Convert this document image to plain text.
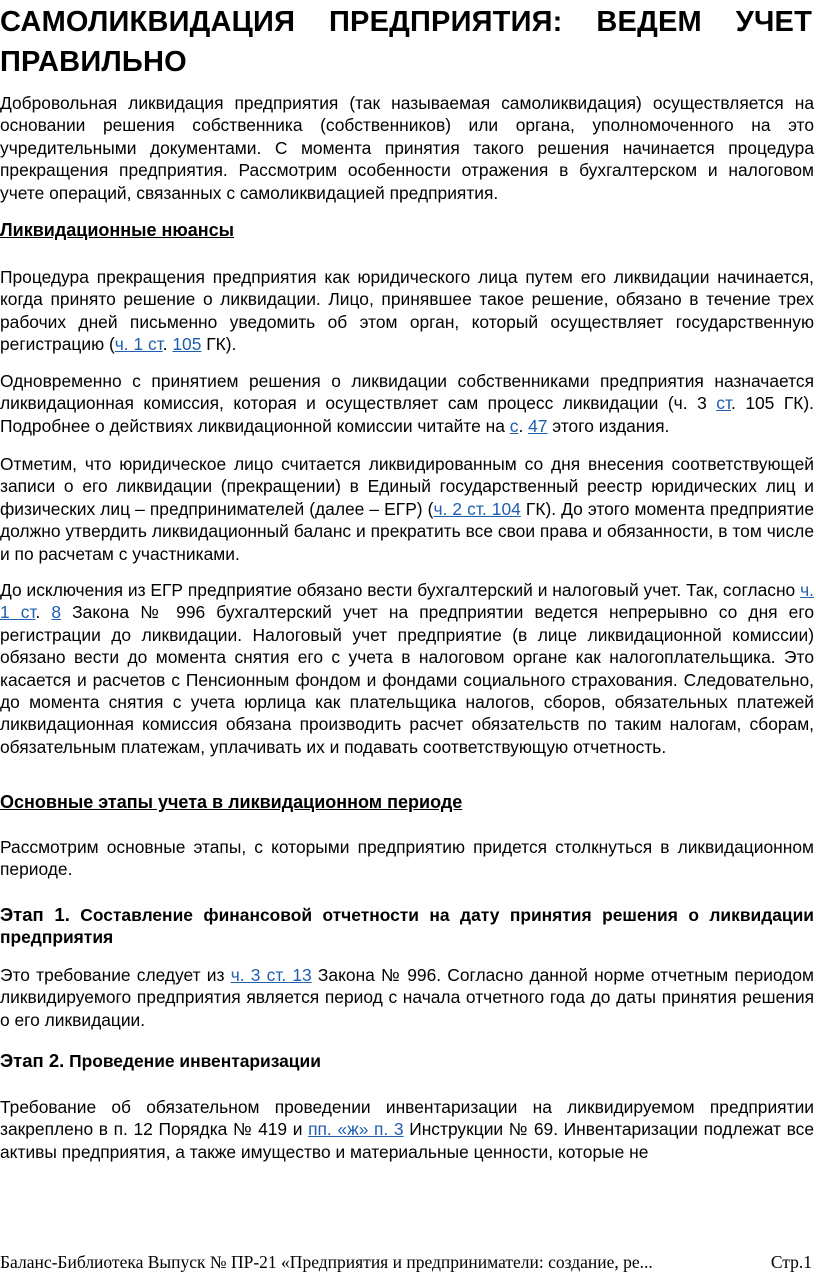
САМОЛИКВИДАЦИЯ ПРЕДПРИЯТИЯ: ВЕДЕМ УЧЕТ ПРАВИЛЬНО

Добровольная ликвидация предприятия (так называемая самоликвидация) осуществляется на основании решения собственника (собственников) или органа, уполномоченного на это учредительными документами. С момента принятия такого решения начинается процедура прекращения предприятия. Рассмотрим особенности отражения в бухгалтерском и налоговом учете операций, связанных с самоликвидацией предприятия.

Ликвидационные нюансы

Процедура прекращения предприятия как юридического лица путем его ликвидации начинается, когда принято решение о ликвидации. Лицо, принявшее такое решение, обязано в течение трех рабочих дней письменно уведомить об этом орган, который осуществляет государственную регистрацию (ч. 1 ст. 105 ГК).

Одновременно с принятием решения о ликвидации собственниками предприятия назначается ликвидационная комиссия, которая и осуществляет сам процесс ликвидации (ч. 3 ст. 105 ГК). Подробнее о действиях ликвидационной комиссии читайте на с. 47 этого издания.

Отметим, что юридическое лицо считается ликвидированным со дня внесения соответствующей записи о его ликвидации (прекращении) в Единый государственный реестр юридических лиц и физических лиц – предпринимателей (далее – ЕГР) (ч. 2 ст. 104 ГК). До этого момента предприятие должно утвердить ликвидационный баланс и прекратить все свои права и обязанности, в том числе и по расчетам с участниками.

До исключения из ЕГР предприятие обязано вести бухгалтерский и налоговый учет. Так, согласно ч. 1 ст. 8 Закона № 996 бухгалтерский учет на предприятии ведется непрерывно со дня его регистрации до ликвидации. Налоговый учет предприятие (в лице ликвидационной комиссии) обязано вести до момента снятия его с учета в налоговом органе как налогоплательщика. Это касается и расчетов с Пенсионным фондом и фондами социального страхования. Следовательно, до момента снятия с учета юрлица как плательщика налогов, сборов, обязательных платежей ликвидационная комиссия обязана производить расчет обязательств по таким налогам, сборам, обязательным платежам, уплачивать их и подавать соответствующую отчетность.

Основные этапы учета в ликвидационном периоде

Рассмотрим основные этапы, с которыми предприятию придется столкнуться в ликвидационном периоде.

Этап 1. Составление финансовой отчетности на дату принятия решения о ликвидации предприятия

Это требование следует из ч. 3 ст. 13 Закона № 996. Согласно данной норме отчетным периодом ликвидируемого предприятия является период с начала отчетного года до даты принятия решения о его ликвидации.

Этап 2. Проведение инвентаризации

Требование об обязательном проведении инвентаризации на ликвидируемом предприятии закреплено в п. 12 Порядка № 419 и пп. «ж» п. 3 Инструкции № 69. Инвентаризации подлежат все активы предприятия, а также имущество и материальные ценности, которые не

Баланс-Библиотека Выпуск № ПР-21 «Предприятия и предприниматели: создание, ре...	Стр.1
